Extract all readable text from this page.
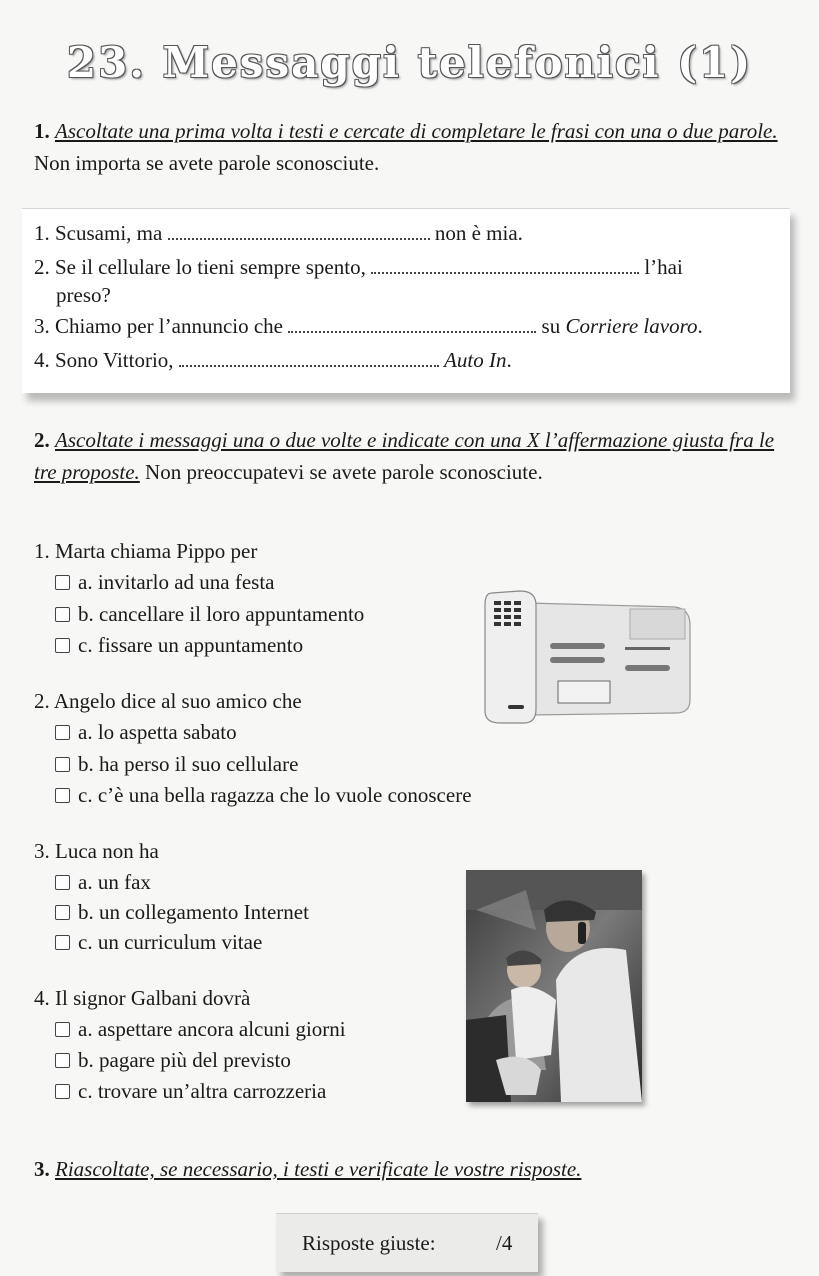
23. Messaggi telefonici (1)
1. Ascoltate una prima volta i testi e cercate di completare le frasi con una o due parole. Non importa se avete parole sconosciute.
1. Scusami, ma	non è mia.
2. Se il cellulare lo tieni sempre spento,	l’hai
preso?
3. Chiamo per l’annuncio che	su Corriere lavoro.
4. Sono Vittorio,	Auto In.
2. Ascoltate i messaggi una o due volte e indicate con una X l’affermazione giusta fra le tre proposte. Non preoccupatevi se avete parole sconosciute.
1. Marta chiama Pippo per
a. invitarlo ad una festa
b. cancellare il loro appuntamento
c. fissare un appuntamento
2. Angelo dice al suo amico che
a. lo aspetta sabato
b. ha perso il suo cellulare
c. c’è una bella ragazza che lo vuole conoscere
3. Luca non ha
a. un fax
b. un collegamento Internet
c. un curriculum vitae
4. Il signor Galbani dovrà
a. aspettare ancora alcuni giorni
b. pagare più del previsto
c. trovare un’altra carrozzeria
3. Riascoltate, se necessario, i testi e verificate le vostre risposte.
Risposte giuste:	/4
